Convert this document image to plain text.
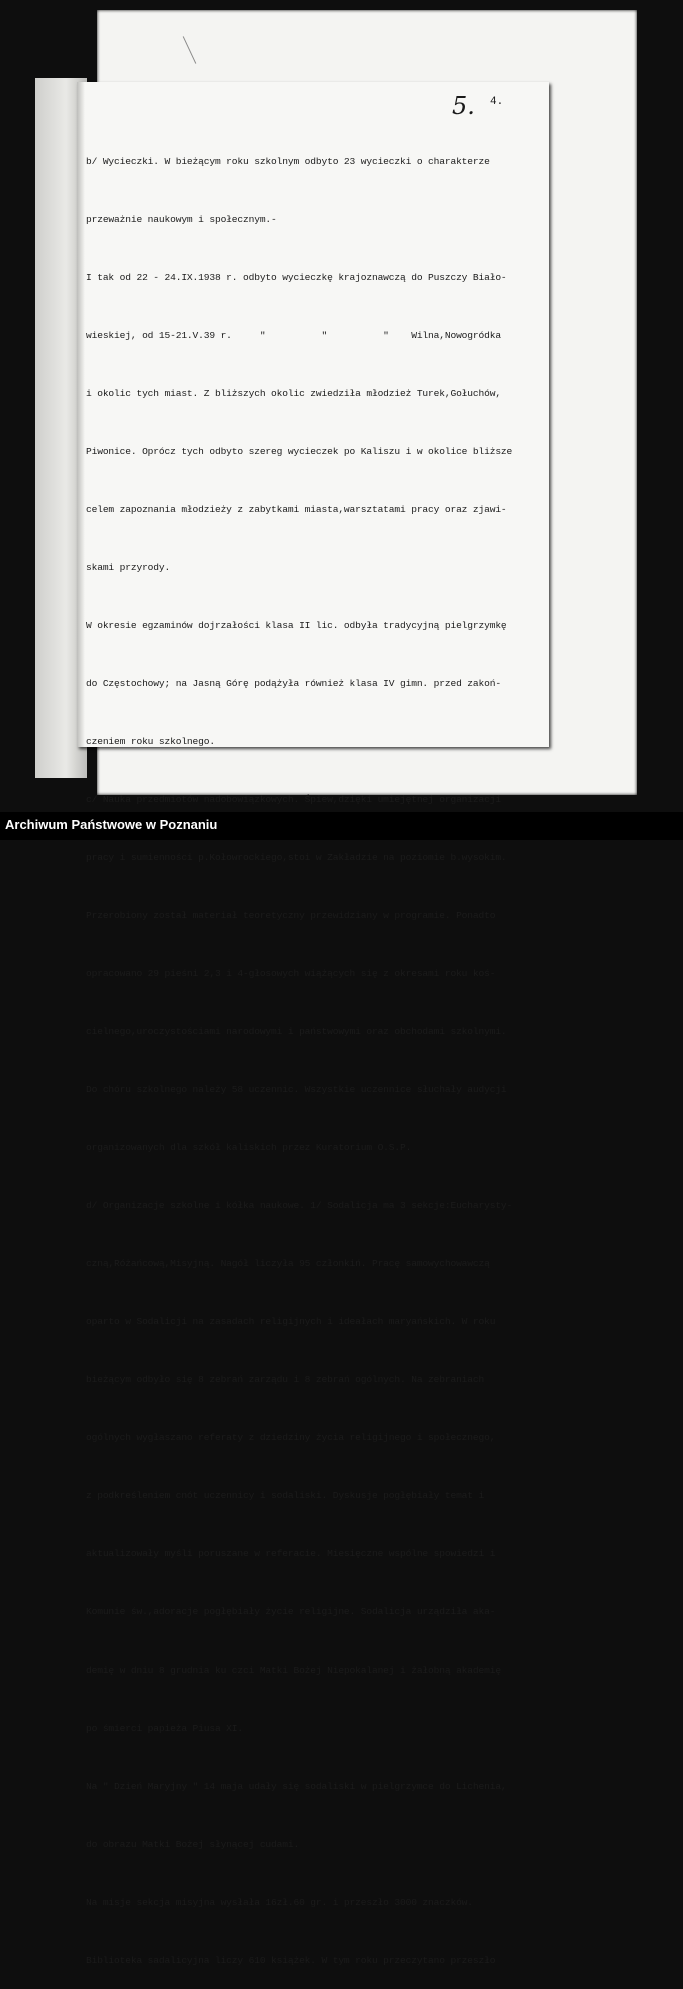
5. 4.

b/ Wycieczki. W bieżącym roku szkolnym odbyto 23 wycieczki o charakterze

przeważnie naukowym i społecznym.-

I tak od 22 - 24.IX.1938 r. odbyto wycieczkę krajoznawczą do Puszczy Biało-

wieskiej, od 15-21.V.39 r.     "          "          "    Wilna,Nowogródka

i okolic tych miast. Z bliższych okolic zwiedziła młodzież Turek,Gołuchów,

Piwonice. Oprócz tych odbyto szereg wycieczek po Kaliszu i w okolice bliższe

celem zapoznania młodzieży z zabytkami miasta,warsztatami pracy oraz zjawi-

skami przyrody.

W okresie egzaminów dojrzałości klasa II lic. odbyła tradycyjną pielgrzymkę

do Częstochowy; na Jasną Górę podążyła również klasa IV gimn. przed zakoń-

czeniem roku szkolnego.

c/ Nauka przedmiotów nadobowiązkowych. Śpiew,dzięki umiejętnej organizacji

pracy i sumienności p.Kołowrockiego,stoi w Zakładzie na poziomie b.wysokim.

Przerobiony został materiał teoretyczny przewidziany w programie. Ponadto

opracowano 29 pieśni 2,3 i 4-głosowych wiążących się z okresami roku koś-

cielnego,uroczystościami narodowymi i państwowymi oraz obchodami szkolnymi.

Do chóru szkolnego należy 58 uczennic. Wszystkie uczennice słuchały audycji

organizowanych dla szkół kaliskich przez Kuratorium O.S.P.

d/ Organizacje szkolne i kółka naukowe. 1/ Sodalicja ma 3 sekcje:Eucharysty-

czną,Różańcową,Misyjną. Nagół liczyła 95 członkiń. Pracę samowychowawczą

oparto w Sodalicji na zasadach religijnych i ideałach maryańskich. W roku

bieżącym odbyło się 8 zebrań zarządu i 8 zebrań ogólnych. Na zebraniach

ogólnych wygłaszano referaty z dziedziny życia religijnego i społecznego,

z podkreśleniem cnót uczennicy i sodaliski. Dyskusje pogłębiały temat i

aktualizowały myśli poruszane w referacie. Miesięczne wspólne spowiedzi i

Komunie św.,adoracje pogłębiały życie religijne. Sodalicja urządziła aka-

demię w dniu 8 grudnia ku czci Matki Bożej Niepokalanej i żałobną akademię

po śmierci papieża Piusa XI.

Na " Dzień Maryjny " 14 maja udały się sodaliski w pielgrzymce do Lichenia,

do obrazu Matki Bożej słynącej cudami.

Na misje sekcja misyjna wysłała 16zł.60 gr. i przeszło 3000 znaczków.

Biblioteka sadalicyjna liczy 610 książek. W tym roku przeczytano przeszło

Archiwum Państwowe w Poznaniu
